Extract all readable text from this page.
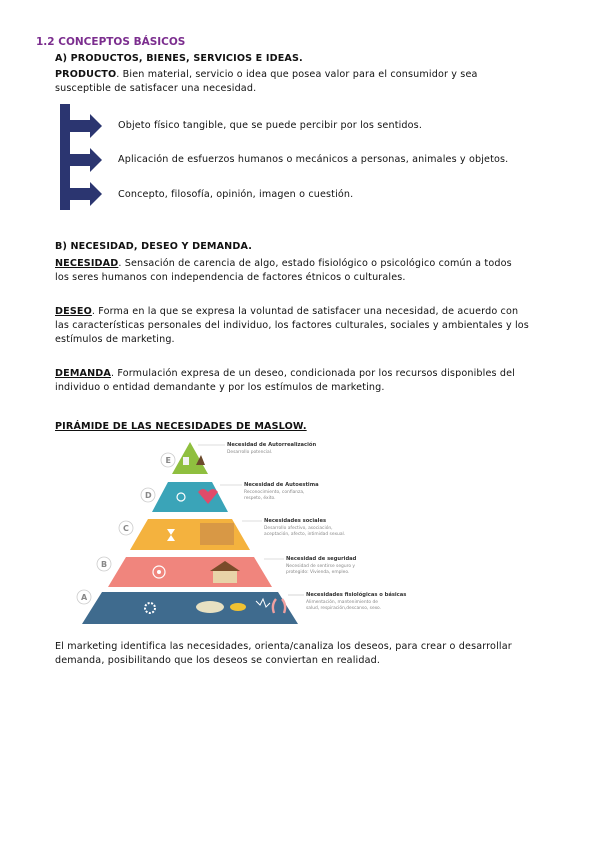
1.2 CONCEPTOS BÁSICOS
A) PRODUCTOS, BIENES, SERVICIOS E IDEAS.
PRODUCTO. Bien material, servicio o idea que posea valor para el consumidor y sea
susceptible de satisfacer una necesidad.
Objeto físico tangible, que se puede percibir por los sentidos.
Aplicación de esfuerzos humanos o mecánicos a personas, animales y objetos.
Concepto, filosofía, opinión, imagen o cuestión.
B) NECESIDAD, DESEO Y DEMANDA.
NECESIDAD. Sensación de carencia de algo, estado fisiológico o psicológico común a todos
los seres humanos con independencia de factores étnicos o culturales.
DESEO. Forma en la que se expresa la voluntad de satisfacer una necesidad, de acuerdo con
las características personales del individuo, los factores culturales, sociales y ambientales y los
estímulos de marketing.
DEMANDA. Formulación expresa de un deseo, condicionada por los recursos disponibles del
individuo o entidad demandante y por los estímulos de marketing.
PIRÁMIDE DE LAS NECESIDADES DE MASLOW.
E
Necesidad de Autorrealización
Desarrollo potencial.
D
Necesidad de Autoestima
Reconocimiento, confianza,
respeto, éxito.
C
Necesidades sociales
Desarrollo afectivo, asociación,
aceptación, afecto, intimidad sexual.
B
Necesidad de seguridad
Necesidad de sentirse seguro y
protegido: Vivienda, empleo.
A	Necesidades fisiológicas o básicas
Alimentación, mantenimiento de
salud, respiración,descanso, sexo.
El marketing identifica las necesidades, orienta/canaliza los deseos, para crear o desarrollar
demanda, posibilitando que los deseos se conviertan en realidad.
